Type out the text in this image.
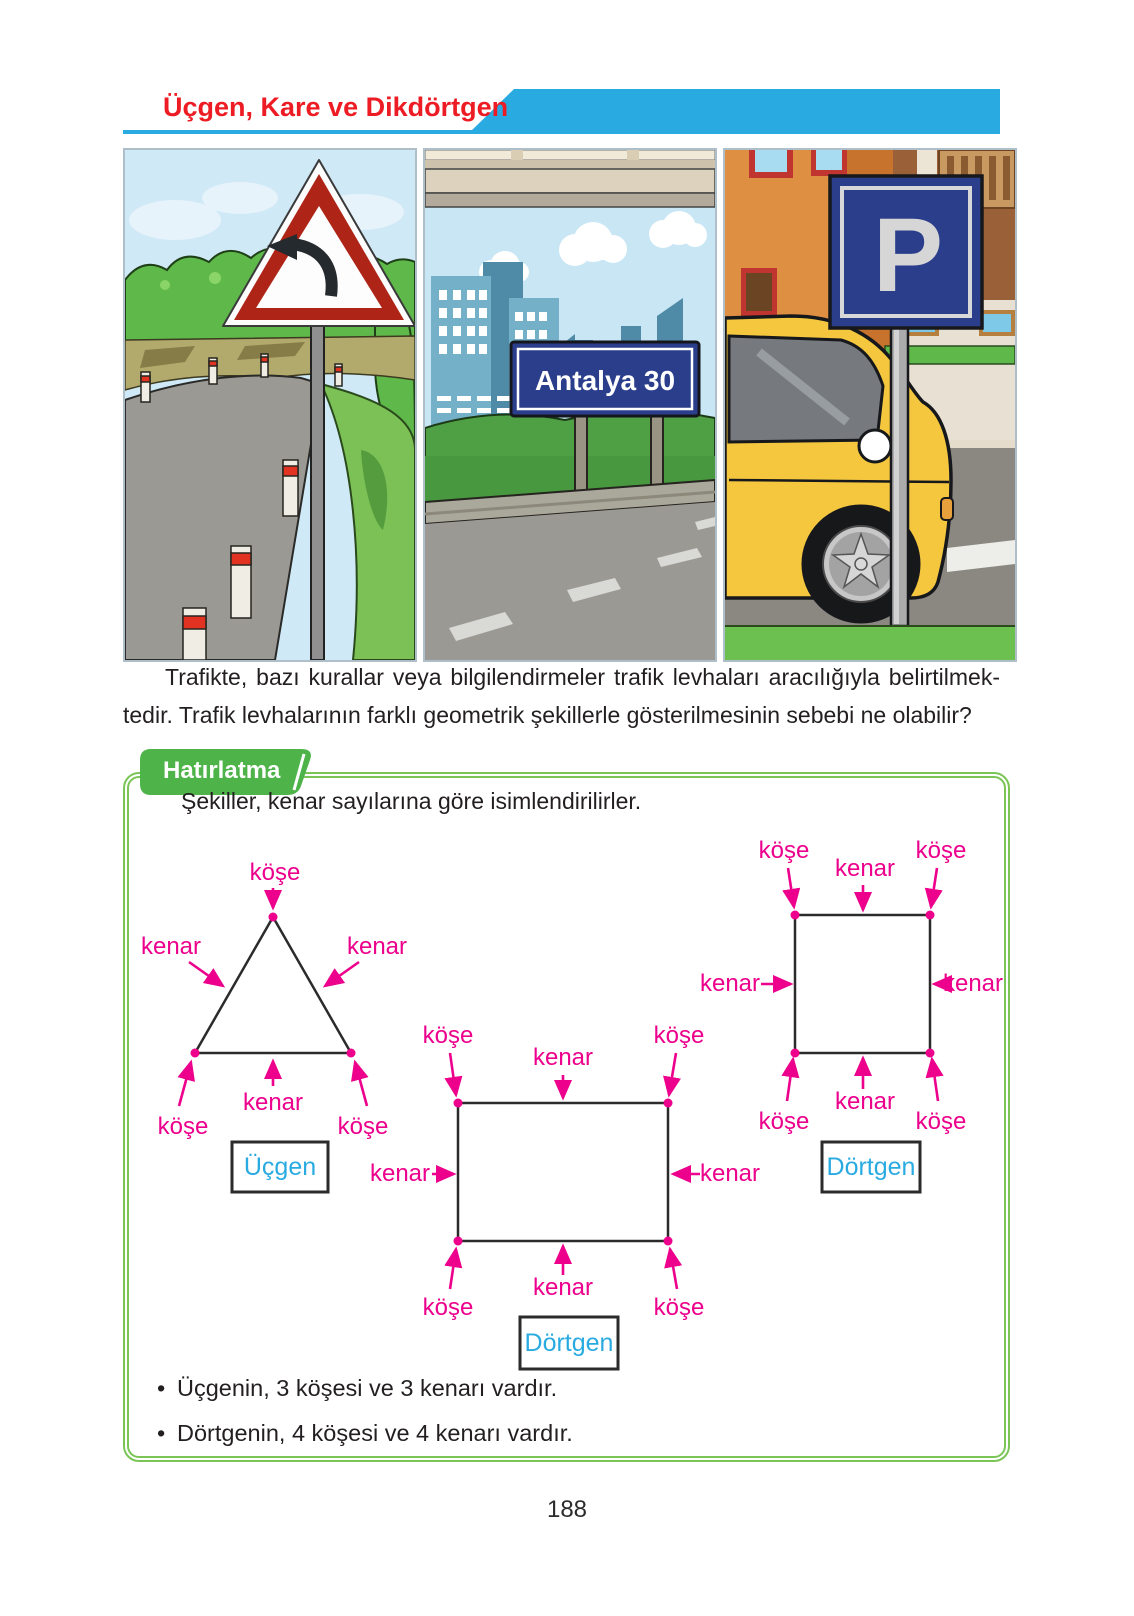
Üçgen, Kare ve Dikdörtgen
Antalya 30
P
Trafikte, bazı kurallar veya bilgilendirmeler trafik levhaları aracılığıyla belirtilmek-
tedir. Trafik levhalarının farklı geometrik şekillerle gösterilmesinin sebebi ne olabilir?
Hatırlatma
Şekiller, kenar sayılarına göre isimlendirilirler.
köşe
kenar	kenar
köşe
kenar
köşe
Üçgen
köşe
kenar
köşe
kenar	kenar
köşe
kenar
köşe
Dörtgen
köşe
kenar
köşe
kenar	kenar
köşe
kenar
köşe
Dörtgen
• Üçgenin, 3 köşesi ve 3 kenarı vardır.
• Dörtgenin, 4 köşesi ve 4 kenarı vardır.
188
